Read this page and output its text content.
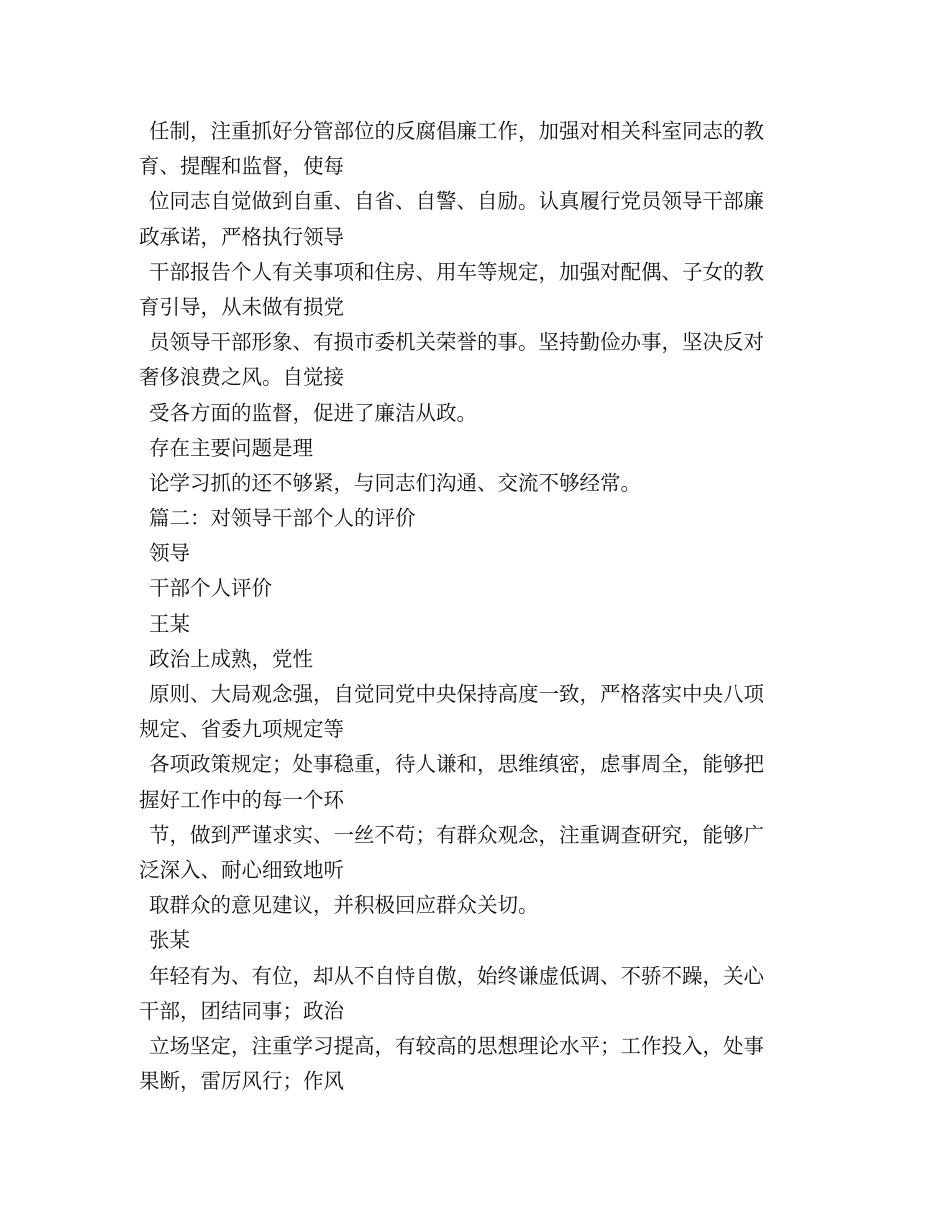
任制，注重抓好分管部位的反腐倡廉工作，加强对相关科室同志的教
育、提醒和监督，使每
位同志自觉做到自重、自省、自警、自励。认真履行党员领导干部廉
政承诺，严格执行领导
干部报告个人有关事项和住房、用车等规定，加强对配偶、子女的教
育引导，从未做有损党
员领导干部形象、有损市委机关荣誉的事。坚持勤俭办事，坚决反对
奢侈浪费之风。自觉接
受各方面的监督，促进了廉洁从政。
存在主要问题是理
论学习抓的还不够紧，与同志们沟通、交流不够经常。
篇二：对领导干部个人的评价
领导
干部个人评价
王某
政治上成熟，党性
原则、大局观念强，自觉同党中央保持高度一致，严格落实中央八项
规定、省委九项规定等
各项政策规定；处事稳重，待人谦和，思维缜密，虑事周全，能够把
握好工作中的每一个环
节，做到严谨求实、一丝不苟；有群众观念，注重调查研究，能够广
泛深入、耐心细致地听
取群众的意见建议，并积极回应群众关切。
张某
年轻有为、有位，却从不自恃自傲，始终谦虚低调、不骄不躁，关心
干部，团结同事；政治
立场坚定，注重学习提高，有较高的思想理论水平；工作投入，处事
果断，雷厉风行；作风
